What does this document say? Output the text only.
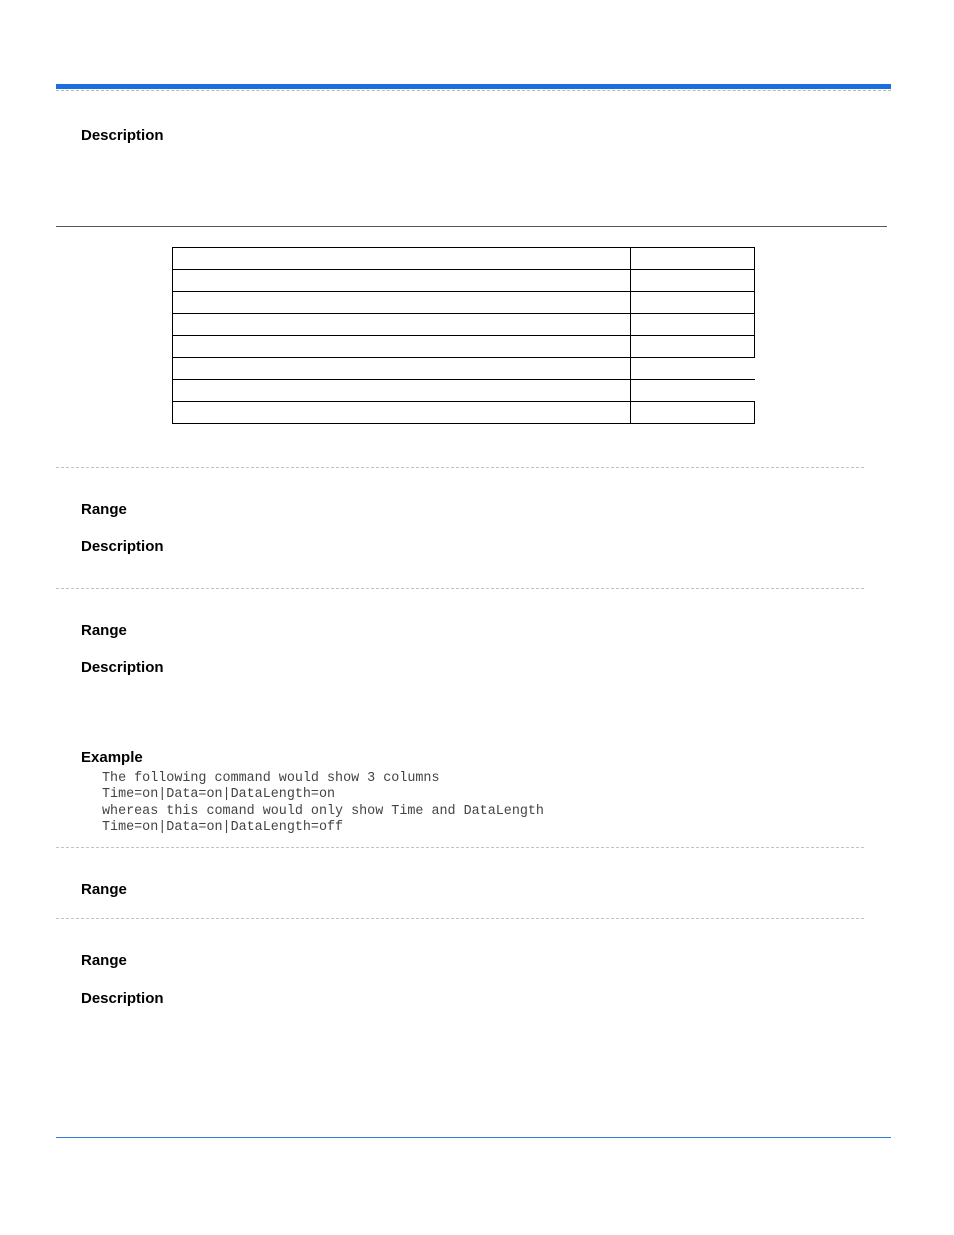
Description

Range
Description
Range
Description
Example
The following command would show 3 columns
Time=on|Data=on|DataLength=on
whereas this comand would only show Time and DataLength
Time=on|Data=on|DataLength=off
Range
Range
Description
